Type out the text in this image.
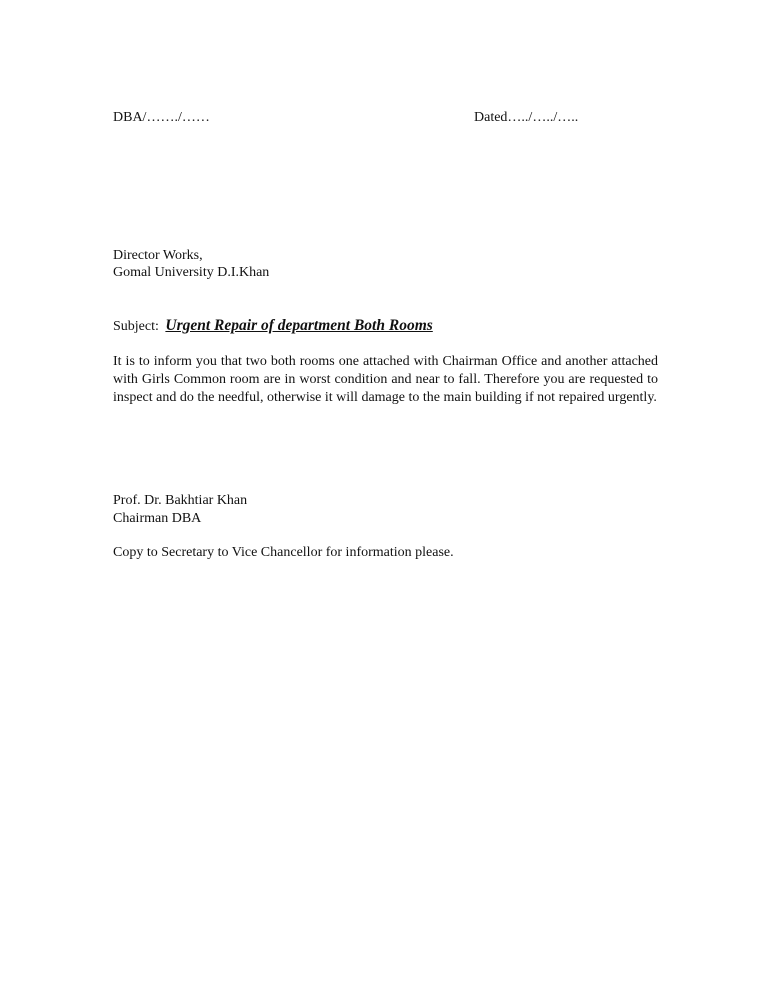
DBA/……./……	Dated…../…../…..
Director Works,
Gomal University D.I.Khan
Subject: Urgent Repair of department Both Rooms
It is to inform you that two both rooms one attached with Chairman Office and another attached with Girls Common room are in worst condition and near to fall. Therefore you are requested to inspect and do the needful, otherwise it will damage to the main building if not repaired urgently.
Prof. Dr. Bakhtiar Khan
Chairman DBA
Copy to Secretary to Vice Chancellor for information please.
